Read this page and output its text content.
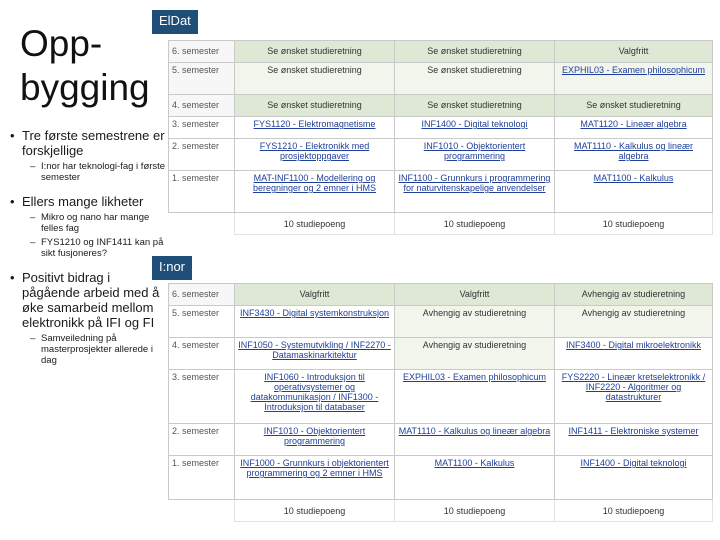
Opp-bygging
• Tre første semestrene er forskjellige
– I:nor har teknologi-fag i første semester
• Ellers mange likheter
– Mikro og nano har mange felles fag
– FYS1210 og INF1411 kan på sikt fusjoneres?
• Positivt bidrag i pågående arbeid med å øke samarbeid mellom elektronikk på IFI og FI
– Samveiledning på masterprosjekter allerede i dag
ElDat
6. semester	Se ønsket studieretning	Se ønsket studieretning	Valgfritt
5. semester	Se ønsket studieretning	Se ønsket studieretning	EXPHIL03 - Examen philosophicum
4. semester	Se ønsket studieretning	Se ønsket studieretning	Se ønsket studieretning
3. semester	FYS1120 - Elektromagnetisme	INF1400 - Digital teknologi	MAT1120 - Lineær algebra
2. semester	FYS1210 - Elektronikk med prosjektoppgaver	INF1010 - Objektorientert programmering	MAT1110 - Kalkulus og lineær algebra
1. semester	MAT-INF1100 - Modellering og beregninger og 2 emner i HMS	INF1100 - Grunnkurs i programmering for naturvitenskapelige anvendelser	MAT1100 - Kalkulus
	10 studiepoeng	10 studiepoeng	10 studiepoeng
I:nor
6. semester	Valgfritt	Valgfritt	Avhengig av studieretning
5. semester	INF3430 - Digital systemkonstruksjon	Avhengig av studieretning	Avhengig av studieretning
4. semester	INF1050 - Systemutvikling / INF2270 - Datamaskinarkitektur	Avhengig av studieretning	INF3400 - Digital mikroelektronikk
3. semester	INF1060 - Introduksjon til operativsystemer og datakommunikasjon / INF1300 - Introduksjon til databaser	EXPHIL03 - Examen philosophicum	FYS2220 - Lineær kretselektronikk / INF2220 - Algoritmer og datastrukturer
2. semester	INF1010 - Objektorientert programmering	MAT1110 - Kalkulus og lineær algebra	INF1411 - Elektroniske systemer
1. semester	INF1000 - Grunnkurs i objektorientert programmering og 2 emner i HMS	MAT1100 - Kalkulus	INF1400 - Digital teknologi
	10 studiepoeng	10 studiepoeng	10 studiepoeng
